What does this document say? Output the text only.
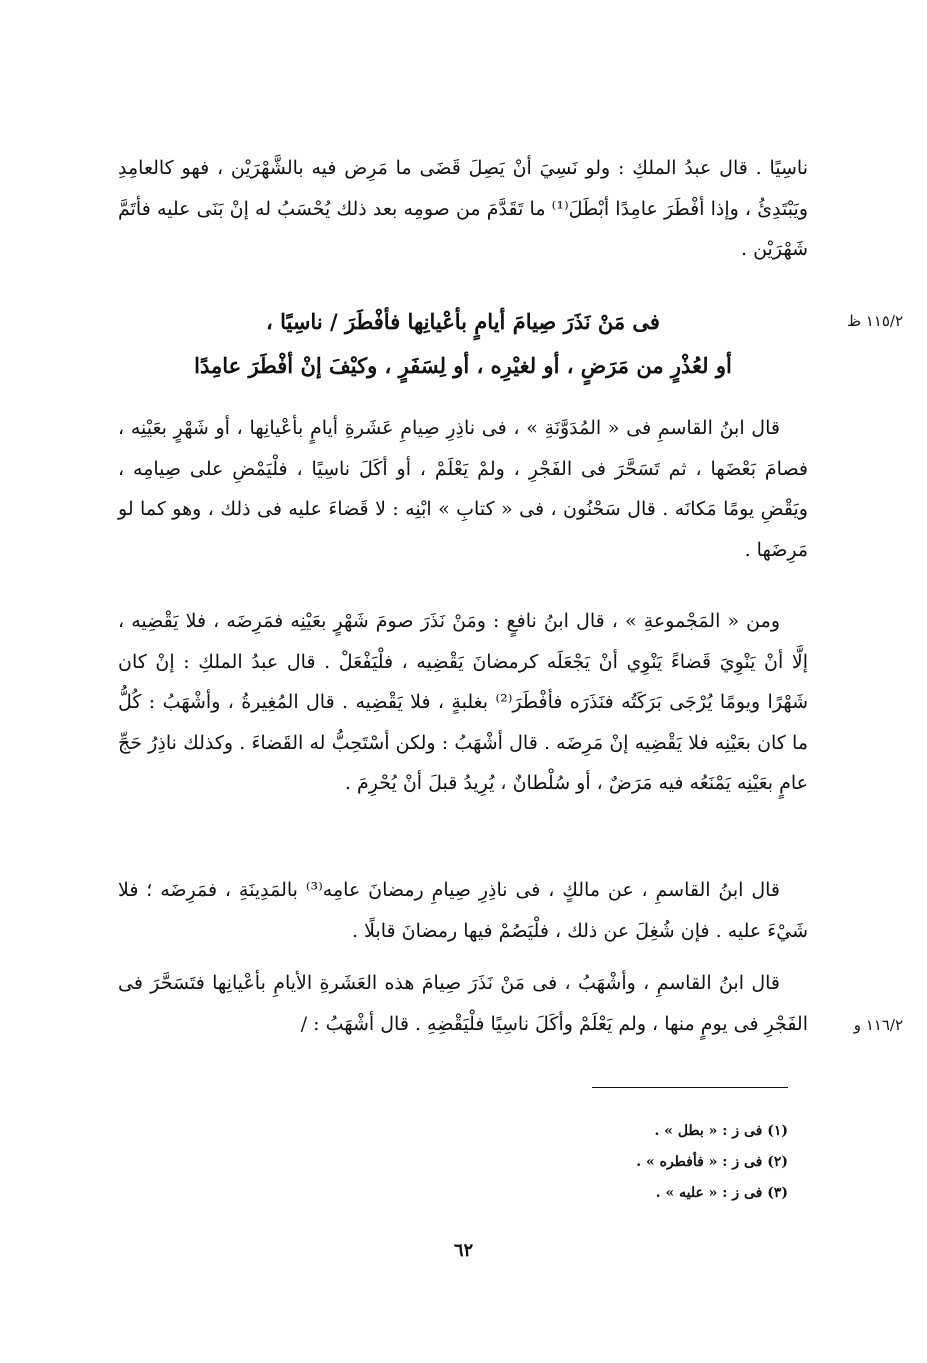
ناسِيًا . قال عبدُ الملكِ : ولو نَسِيَ أنْ يَصِلَ قَضَى ما مَرِض فيه بالشَّهْرَيْن ، فهو كالعامِدِ ويَبْتَدِئُ ، وإذا أفْطَرَ عامِدًا أبْطَلَ⁽¹⁾ ما تَقَدَّمَ من صومِه بعد ذلك يُحْسَبُ له إنْ بَنَى عليه فأتَمَّ شَهْرَيْن .

١١٥/٢ ظ
فى مَنْ نَذَرَ صِيامَ أيامٍ بأعْيانِها فأفْطَرَ / ناسِيًا ،
أو لعُذْرٍ من مَرَضٍ ، أو لغيْرِه ، أو لِسَفَرٍ ، وكيْفَ إنْ أفْطَرَ عامِدًا

قال ابنُ القاسمِ فى « المُدَوَّنَةِ » ، فى ناذِرِ صِيامِ عَشَرةِ أيامٍ بأعْيانِها ، أو شَهْرٍ بعَيْنِه ، فصامَ بَعْضَها ، ثم تَسَحَّرَ فى الفَجْرِ ، ولمْ يَعْلَمْ ، أو أكَلَ ناسِيًا ، فلْيَمْضِ على صِيامِه ، ويَقْضِ يومًا مَكانَه . قال سَحْنُون ، فى « كتابِ » ابْنِه : لا قَضاءَ عليه فى ذلك ، وهو كما لو مَرِضَها .

ومن « المَجْموعةِ » ، قال ابنُ نافعٍ : ومَنْ نَذَرَ صومَ شَهْرٍ بعَيْنِه فمَرِضَه ، فلا يَقْضِيه ، إلَّا أنْ يَنْوِيَ قَضاءً يَنْوِي أنْ يَجْعَلَه كرمضانَ يَقْضِيه ، فلْيَفْعَلْ . قال عبدُ الملكِ : إنْ كان شَهْرًا ويومًا يُرْجَى بَرَكَتُه فنَذَرَه فأفْطَرَ⁽²⁾ بغلبةٍ ، فلا يَقْضِيه . قال المُغِيرةُ ، وأشْهَبُ : كُلُّ ما كان بعَيْنِه فلا يَقْضِيه إنْ مَرِضَه . قال أشْهَبُ : ولكن أسْتَحِبُّ له القَضاءَ . وكذلك ناذِرُ حَجِّ عامٍ بعَيْنِه يَمْنَعُه فيه مَرَضٌ ، أو سُلْطانٌ ، يُرِيدُ قبلَ أنْ يُحْرِمَ .

قال ابنُ القاسمِ ، عن مالكٍ ، فى ناذِرِ صِيامِ رمضانَ عامِه⁽³⁾ بالمَدِينَةِ ، فمَرِضَه ؛ فلا شَيْءَ عليه . فإن شُغِلَ عن ذلك ، فلْيَصُمْ فيها رمضانَ قابلًا .

قال ابنُ القاسمِ ، وأشْهَبُ ، فى مَنْ نَذَرَ صِيامَ هذه العَشَرةِ الأيامِ بأعْيانِها فتَسَحَّرَ فى الفَجْرِ فى يومٍ منها ، ولم يَعْلَمْ وأكَلَ ناسِيًا فلْيَقْضِهِ . قال أشْهَبُ : /	١١٦/٢ و
(١) فى ز : « بطل » .
(٢) فى ز : « فأفطره » .
(٣) فى ز : « عليه » .
٦٢
